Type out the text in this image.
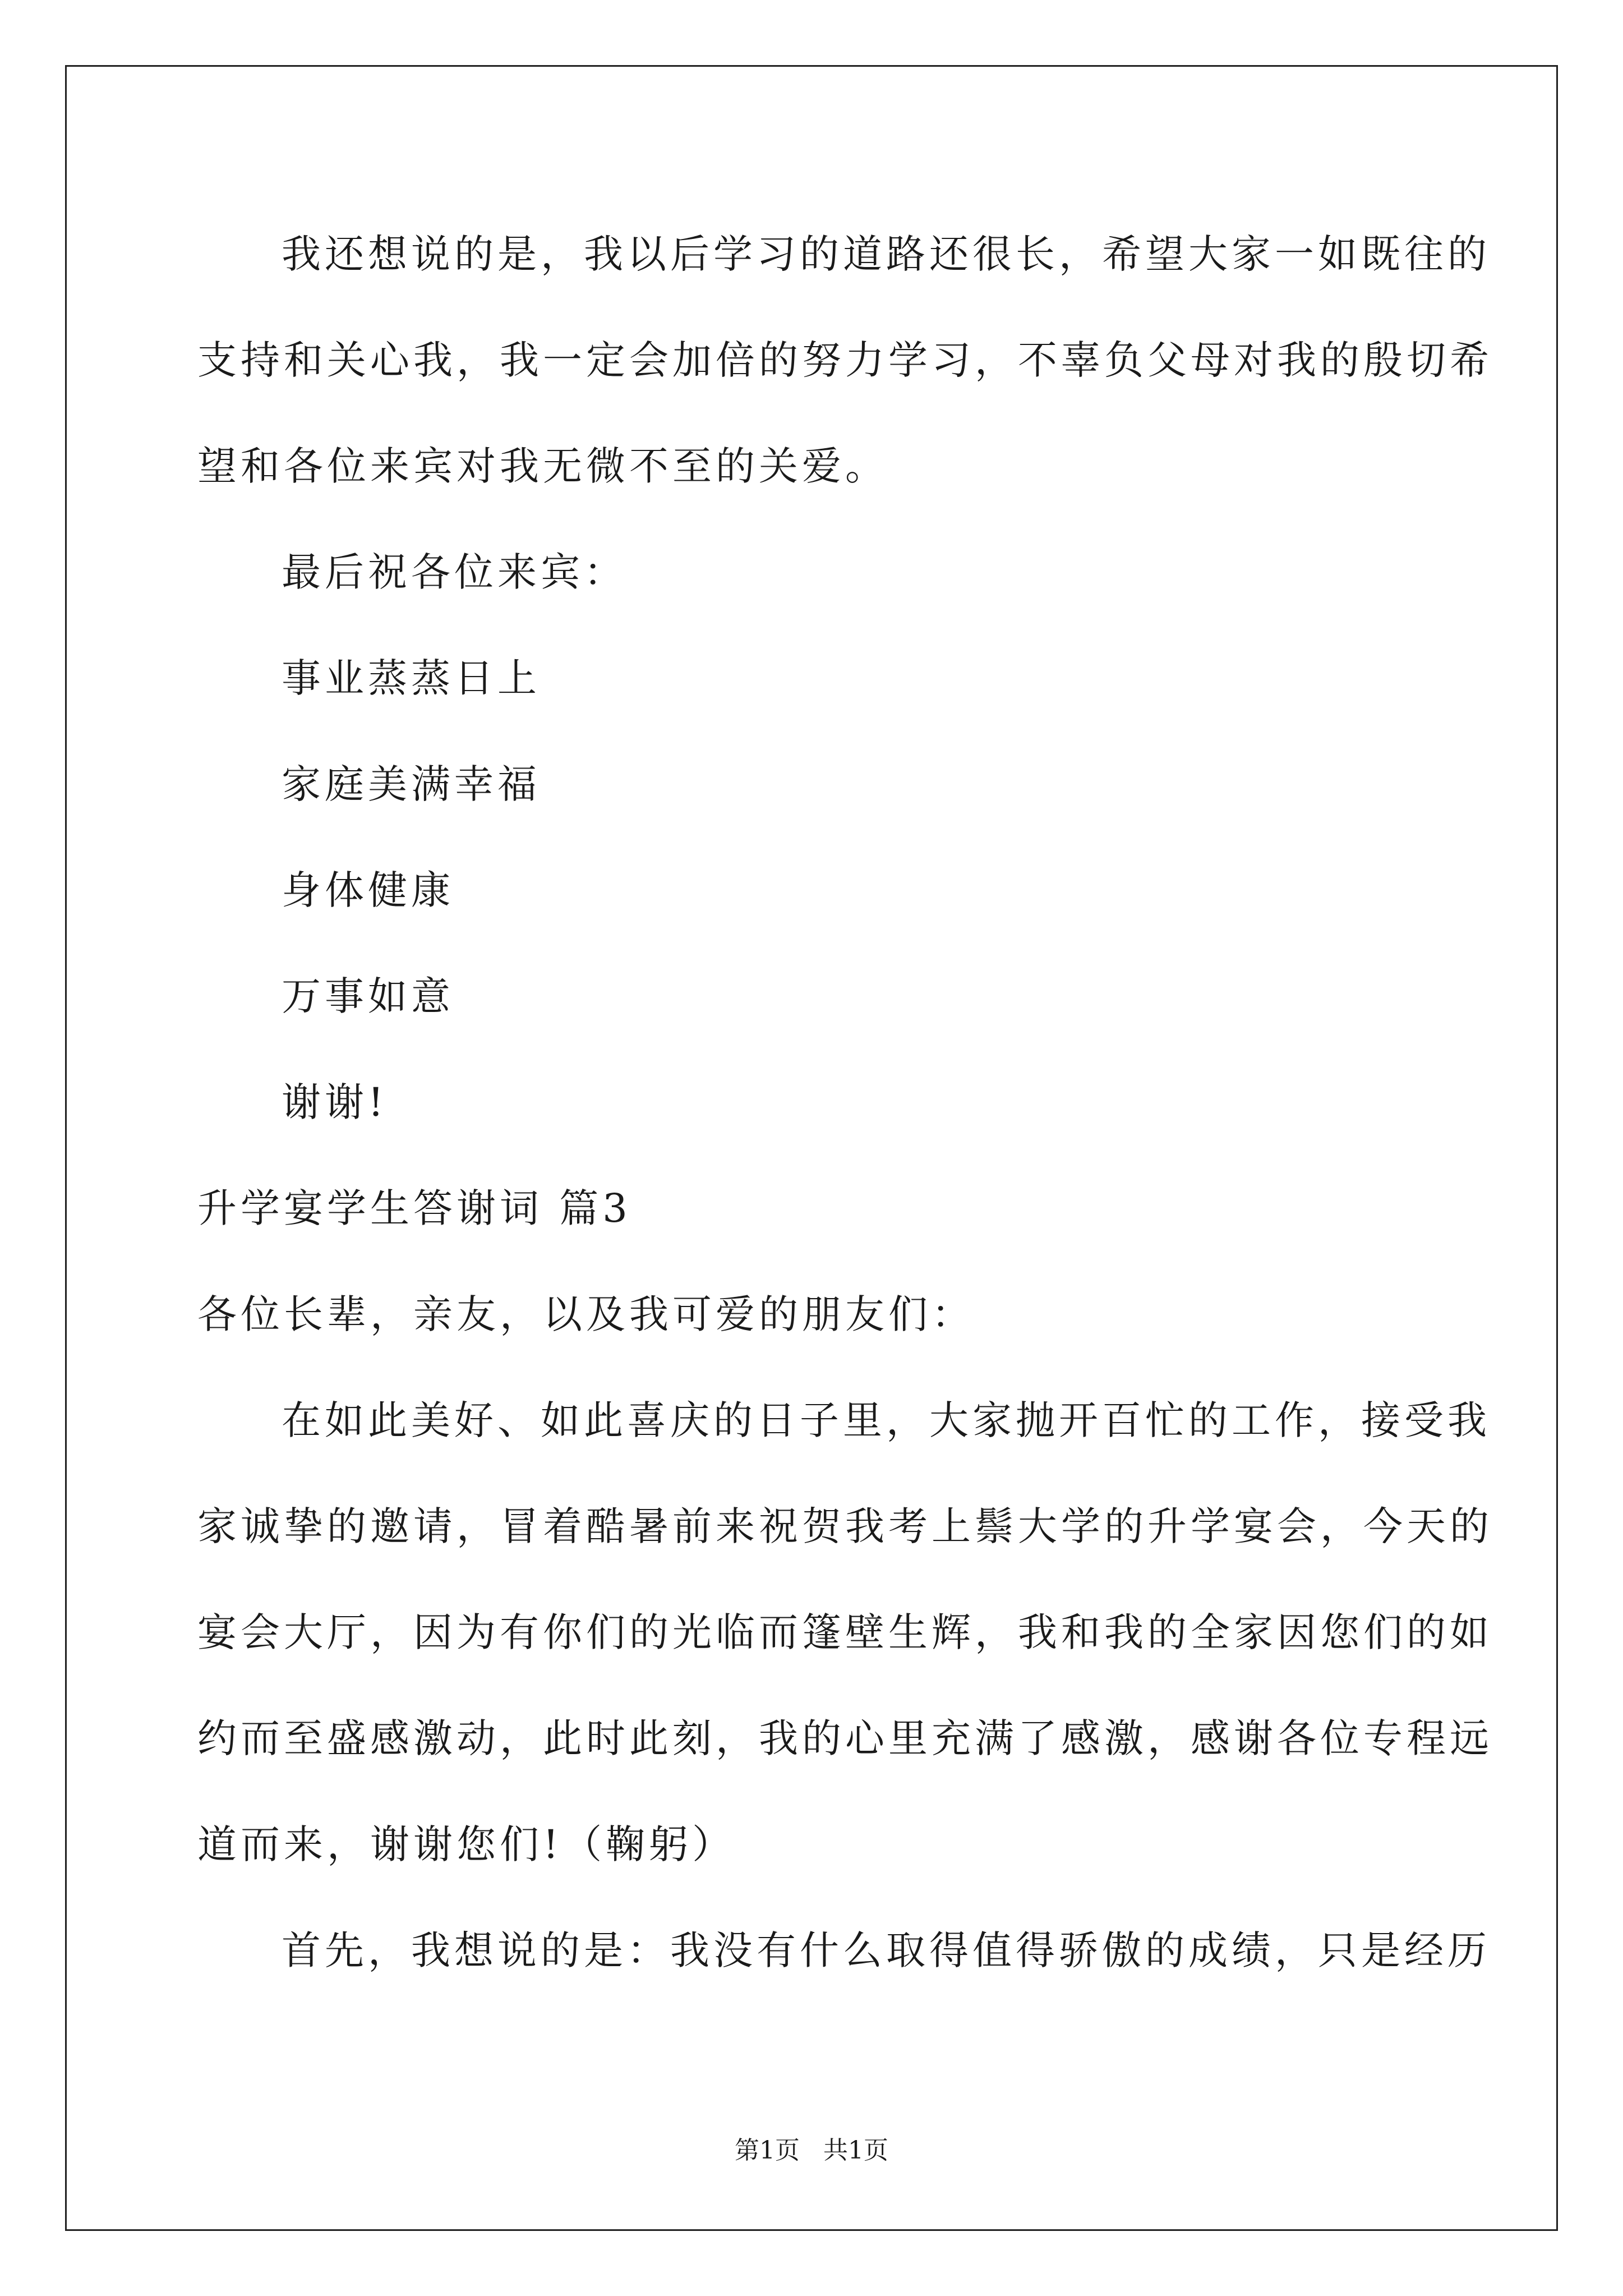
我还想说的是，我以后学习的道路还很长，希望大家一如既往的
支持和关心我，我一定会加倍的努力学习，不辜负父母对我的殷切希
望和各位来宾对我无微不至的关爱。
最后祝各位来宾：
事业蒸蒸日上
家庭美满幸福
身体健康
万事如意
谢谢!
升学宴学生答谢词 篇3
各位长辈，亲友，以及我可爱的朋友们：
在如此美好、如此喜庆的日子里，大家抛开百忙的工作，接受我
家诚挚的邀请，冒着酷暑前来祝贺我考上鬃大学的升学宴会，今天的
宴会大厅，因为有你们的光临而篷壁生辉，我和我的全家因您们的如
约而至盛感激动，此时此刻，我的心里充满了感激，感谢各位专程远
道而来，谢谢您们!（鞠躬）
首先，我想说的是：我没有什么取得值得骄傲的成绩，只是经历
第1页   共1页
